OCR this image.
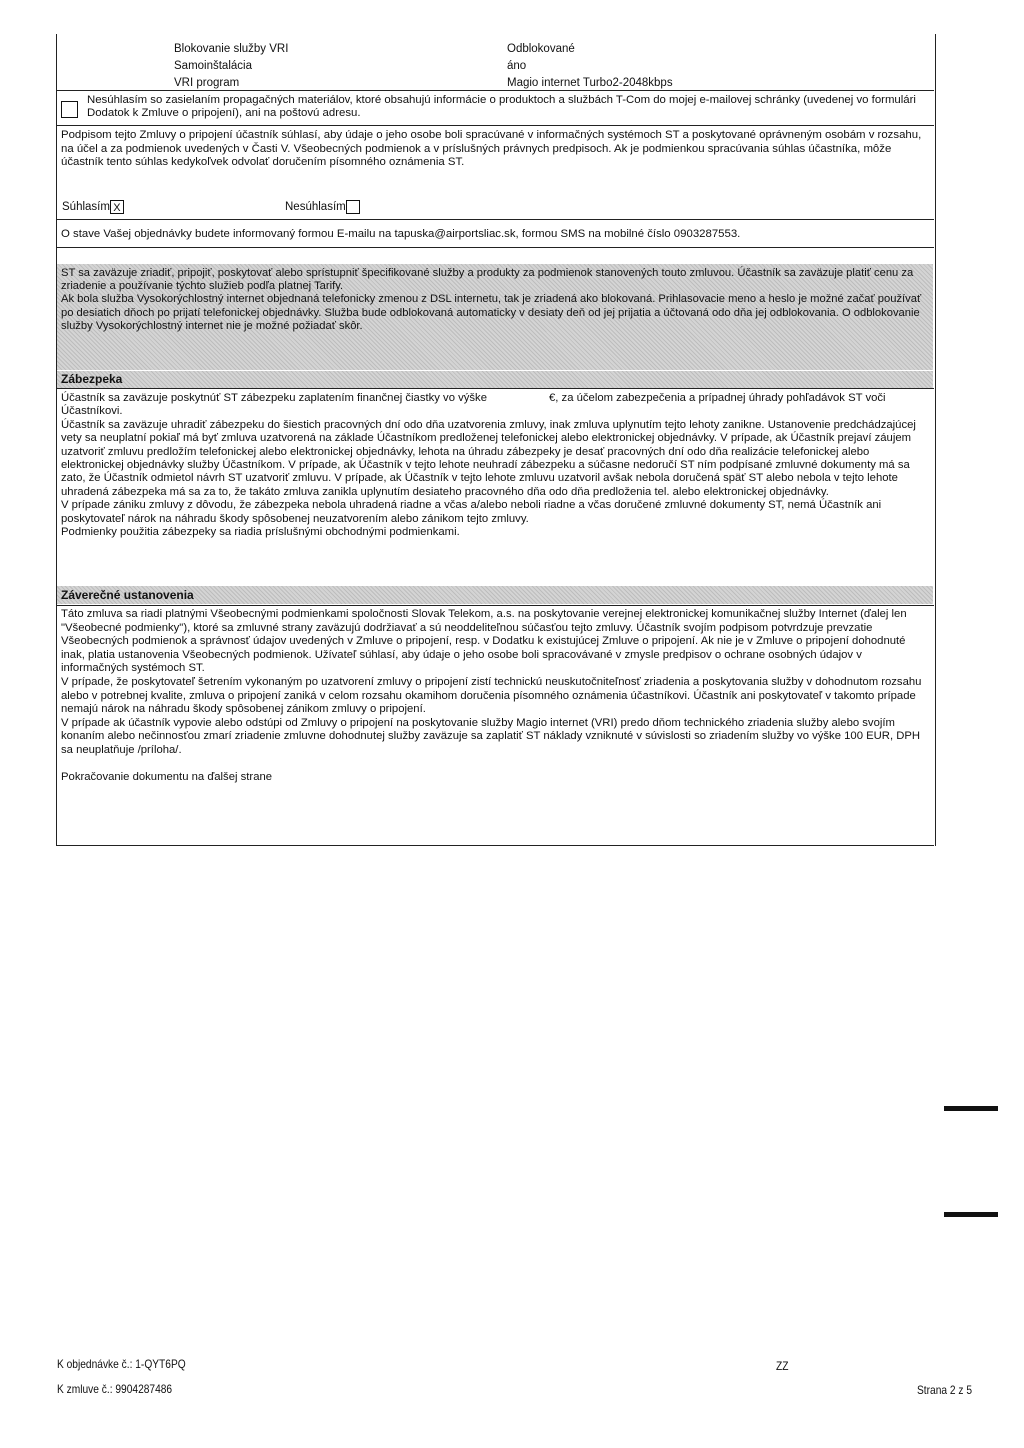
Blokovanie služby VRI	Odblokované
Samoinštalácia	áno
VRI program	Magio internet Turbo2-2048kbps
Nesúhlasím so zasielaním propagačných materiálov, ktoré obsahujú informácie o produktoch a službách T-Com do mojej e-mailovej schránky (uvedenej vo formulári Dodatok k Zmluve o pripojení), ani na poštovú adresu.
Podpisom tejto Zmluvy o pripojení účastník súhlasí, aby údaje o jeho osobe boli spracúvané v informačných systémoch ST a poskytované oprávneným osobám v rozsahu, na účel a za podmienok uvedených v Časti V. Všeobecných podmienok a v príslušných právnych predpisoch. Ak je podmienkou spracúvania súhlas účastníka, môže účastník tento súhlas kedykoľvek odvolať doručením písomného oznámenia ST.
Súhlasím X	Nesúhlasím
O stave Vašej objednávky budete informovaný formou E-mailu na tapuska@airportsliac.sk, formou SMS na mobilné číslo 0903287553.

ST sa zaväzuje zriadiť, pripojiť, poskytovať alebo sprístupniť špecifikované služby a produkty za podmienok stanovených touto zmluvou. Účastník sa zaväzuje platiť cenu za zriadenie a používanie týchto služieb podľa platnej Tarify.

Ak bola služba Vysokorýchlostný internet objednaná telefonicky zmenou z DSL internetu, tak je zriadená ako blokovaná. Prihlasovacie meno a heslo je možné začať používať po desiatich dňoch po prijatí telefonickej objednávky. Služba bude odblokovaná automaticky v desiaty deň od jej prijatia a účtovaná odo dňa jej odblokovania. O odblokovanie služby Vysokorýchlostný internet nie je možné požiadať skôr.

Zábezpeka

Účastník sa zaväzuje poskytnúť ST zábezpeku zaplatením finančnej čiastky vo výške	€, za účelom zabezpečenia a prípadnej úhrady pohľadávok ST voči Účastníkovi.

Účastník sa zaväzuje uhradiť zábezpeku do šiestich pracovných dní odo dňa uzatvorenia zmluvy, inak zmluva uplynutím tejto lehoty zanikne. Ustanovenie predchádzajúcej vety sa neuplatní pokiaľ má byť zmluva uzatvorená na základe Účastníkom predloženej telefonickej alebo elektronickej objednávky. V prípade, ak Účastník prejaví záujem uzatvoriť zmluvu predložím telefonickej alebo elektronickej objednávky, lehota na úhradu zábezpeky je desať pracovných dní odo dňa realizácie telefonickej alebo elektronickej objednávky služby Účastníkom. V prípade, ak Účastník v tejto lehote neuhradí zábezpeku a súčasne nedoručí ST ním podpísané zmluvné dokumenty má sa zato, že Účastník odmietol návrh ST uzatvoriť zmluvu. V prípade, ak Účastník v tejto lehote zmluvu uzatvoril avšak nebola doručená späť ST alebo nebola v tejto lehote uhradená zábezpeka má sa za to, že takáto zmluva zanikla uplynutím desiateho pracovného dňa odo dňa predloženia tel. alebo elektronickej objednávky.

V prípade zániku zmluvy z dôvodu, že zábezpeka nebola uhradená riadne a včas a/alebo neboli riadne a včas doručené zmluvné dokumenty ST, nemá Účastník ani poskytovateľ nárok na náhradu škody spôsobenej neuzatvorením alebo zánikom tejto zmluvy.

Podmienky použitia zábezpeky sa riadia príslušnými obchodnými podmienkami.

Záverečné ustanovenia

Táto zmluva sa riadi platnými Všeobecnými podmienkami spoločnosti Slovak Telekom, a.s. na poskytovanie verejnej elektronickej komunikačnej služby Internet (ďalej len "Všeobecné podmienky"), ktoré sa zmluvné strany zaväzujú dodržiavať a sú neoddeliteľnou súčasťou tejto zmluvy. Účastník svojím podpisom potvrdzuje prevzatie Všeobecných podmienok a správnosť údajov uvedených v Zmluve o pripojení, resp. v Dodatku k existujúcej Zmluve o pripojení. Ak nie je v Zmluve o pripojení dohodnuté inak, platia ustanovenia Všeobecných podmienok. Užívateľ súhlasí, aby údaje o jeho osobe boli spracovávané v zmysle predpisov o ochrane osobných údajov v informačných systémoch ST.

V prípade, že poskytovateľ šetrením vykonaným po uzatvorení zmluvy o pripojení zistí technickú neuskutočniteľnosť zriadenia a poskytovania služby v dohodnutom rozsahu alebo v potrebnej kvalite, zmluva o pripojení zaniká v celom rozsahu okamihom doručenia písomného oznámenia účastníkovi. Účastník ani poskytovateľ v takomto prípade nemajú nárok na náhradu škody spôsobenej zánikom zmluvy o pripojení.

V prípade ak účastník vypovie alebo odstúpi od Zmluvy o pripojení na poskytovanie služby Magio internet (VRI) predo dňom technického zriadenia služby alebo svojím konaním alebo nečinnosťou zmarí zriadenie zmluvne dohodnutej služby zaväzuje sa zaplatiť ST náklady vzniknuté v súvislosti so zriadením služby vo výške 100 EUR, DPH sa neuplatňuje /príloha/.

Pokračovanie dokumentu na ďalšej strane

K objednávke č.: 1-QYT6PQ
K zmluve č.: 9904287486
ZZ
Strana 2 z 5
